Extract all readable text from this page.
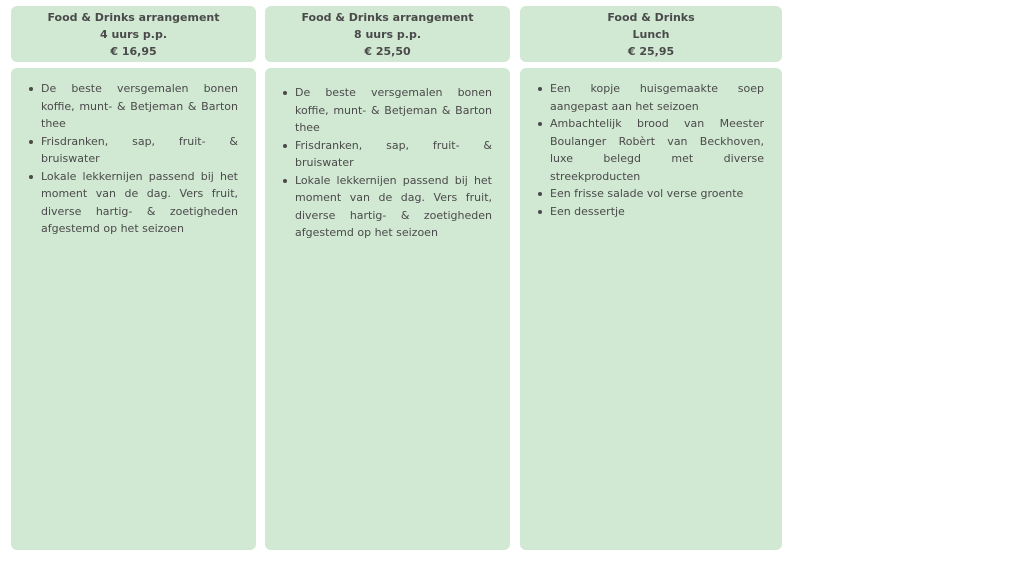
Food & Drinks arrangement
4 uurs p.p.
€ 16,95
De beste versgemalen bonen koffie, munt- & Betjeman & Barton thee
Frisdranken, sap, fruit- & bruiswater
Lokale lekkernijen passend bij het moment van de dag. Vers fruit, diverse hartig- & zoetigheden afgestemd op het seizoen
Food & Drinks arrangement
8 uurs p.p.
€ 25,50
De beste versgemalen bonen koffie, munt- & Betjeman & Barton thee
Frisdranken, sap, fruit- & bruiswater
Lokale lekkernijen passend bij het moment van de dag. Vers fruit, diverse hartig- & zoetigheden afgestemd op het seizoen
Food & Drinks
Lunch
€ 25,95
Een kopje huisgemaakte soep aangepast aan het seizoen
Ambachtelijk brood van Meester Boulanger Robèrt van Beckhoven, luxe belegd met diverse streekproducten
Een frisse salade vol verse groente
Een dessertje
